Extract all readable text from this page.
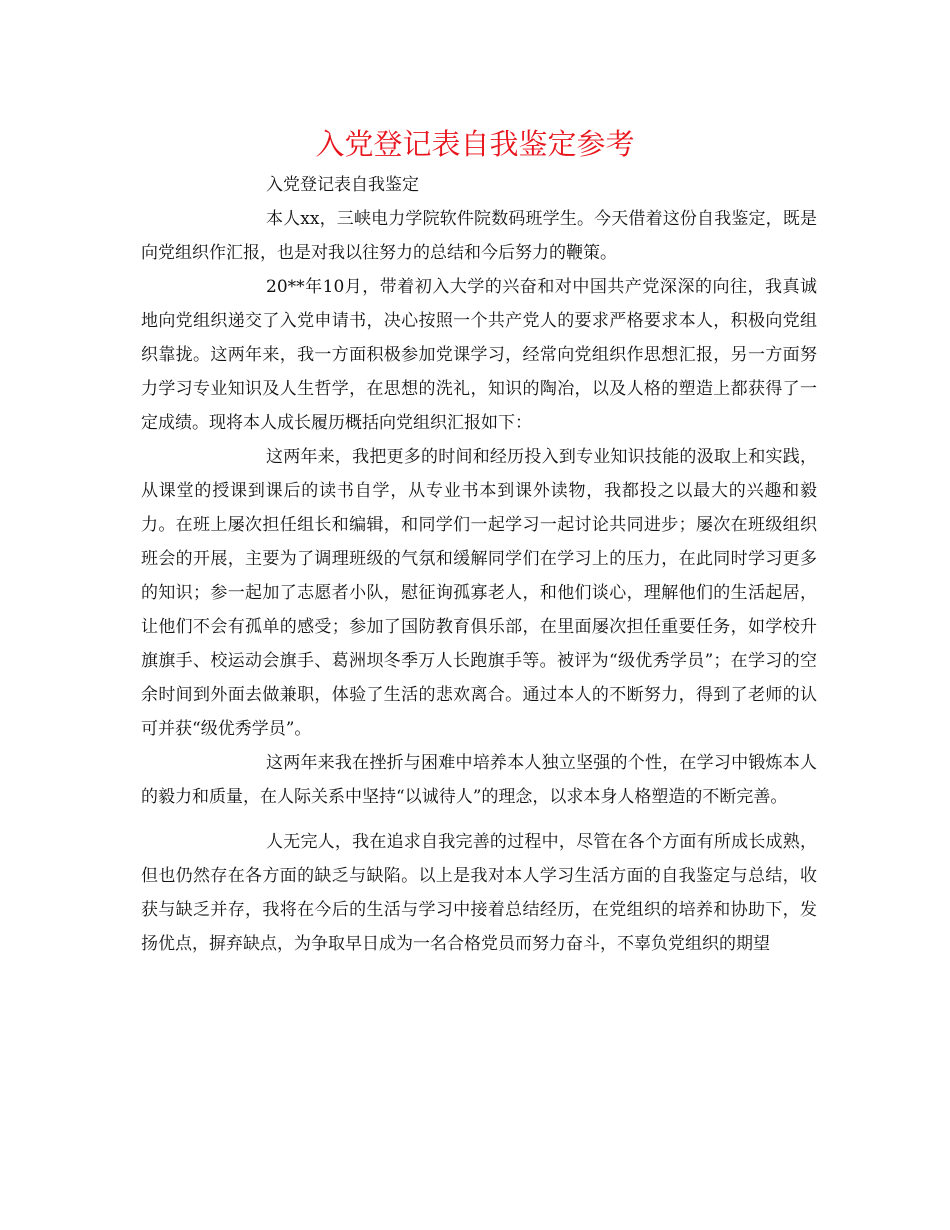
入党登记表自我鉴定参考

入党登记表自我鉴定

本人xx，三峡电力学院软件院数码班学生。今天借着这份自我鉴定，既是向党组织作汇报，也是对我以往努力的总结和今后努力的鞭策。

20**年10月，带着初入大学的兴奋和对中国共产党深深的向往，我真诚地向党组织递交了入党申请书，决心按照一个共产党人的要求严格要求本人，积极向党组织靠拢。这两年来，我一方面积极参加党课学习，经常向党组织作思想汇报，另一方面努力学习专业知识及人生哲学，在思想的洗礼，知识的陶冶，以及人格的塑造上都获得了一定成绩。现将本人成长履历概括向党组织汇报如下：

这两年来，我把更多的时间和经历投入到专业知识技能的汲取上和实践，从课堂的授课到课后的读书自学，从专业书本到课外读物，我都投之以最大的兴趣和毅力。在班上屡次担任组长和编辑，和同学们一起学习一起讨论共同进步；屡次在班级组织班会的开展，主要为了调理班级的气氛和缓解同学们在学习上的压力，在此同时学习更多的知识；参一起加了志愿者小队，慰征询孤寡老人，和他们谈心，理解他们的生活起居，让他们不会有孤单的感受；参加了国防教育俱乐部，在里面屡次担任重要任务，如学校升旗旗手、校运动会旗手、葛洲坝冬季万人长跑旗手等。被评为“级优秀学员”；在学习的空余时间到外面去做兼职，体验了生活的悲欢离合。通过本人的不断努力，得到了老师的认可并获“级优秀学员”。

这两年来我在挫折与困难中培养本人独立坚强的个性，在学习中锻炼本人的毅力和质量，在人际关系中坚持“以诚待人”的理念，以求本身人格塑造的不断完善。

人无完人，我在追求自我完善的过程中，尽管在各个方面有所成长成熟，但也仍然存在各方面的缺乏与缺陷。以上是我对本人学习生活方面的自我鉴定与总结，收获与缺乏并存，我将在今后的生活与学习中接着总结经历，在党组织的培养和协助下，发扬优点，摒弃缺点，为争取早日成为一名合格党员而努力奋斗，不辜负党组织的期望
